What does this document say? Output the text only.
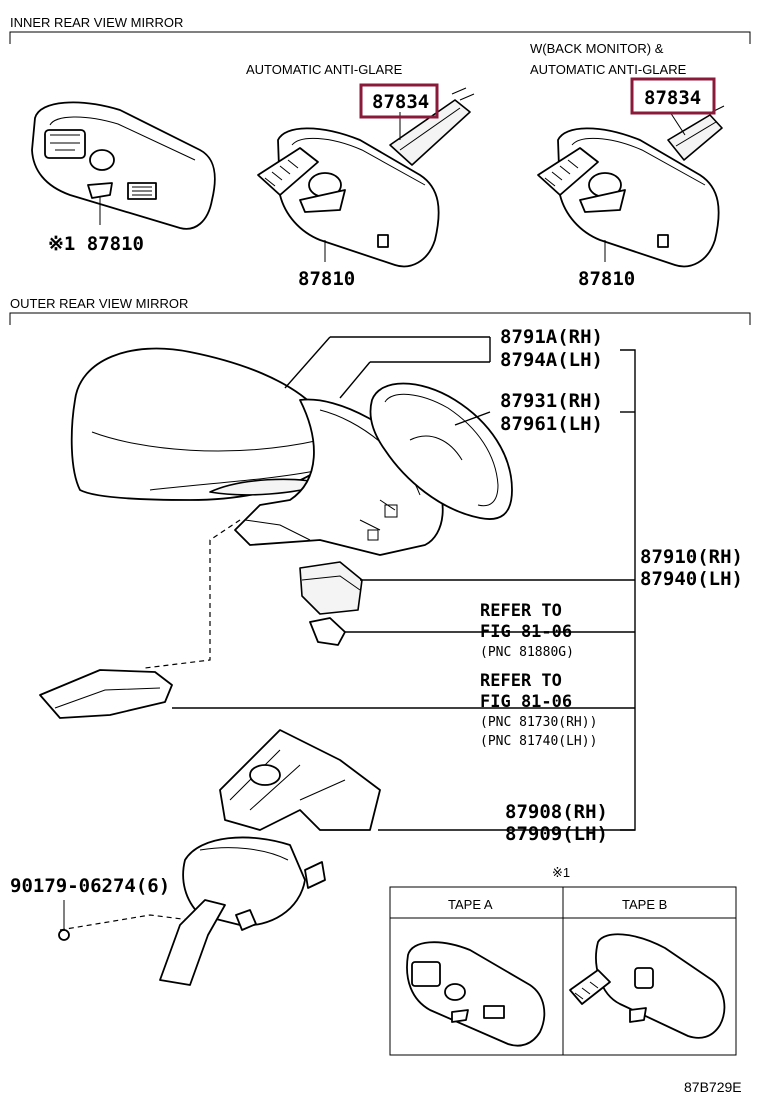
INNER REAR VIEW MIRROR
※1 87810
AUTOMATIC ANTI-GLARE
87834
87810
W(BACK MONITOR) &
AUTOMATIC ANTI-GLARE
87834
87810
OUTER REAR VIEW MIRROR
8791A(RH)
8794A(LH)
87931(RH)
87961(LH)
87910(RH)
87940(LH)
REFER TO
FIG 81-06
(PNC 81880G)
REFER TO
FIG 81-06
(PNC 81730(RH))
(PNC 81740(LH))
87908(RH)
87909(LH)
90179-06274(6)
※1
TAPE A	TAPE B
87B729E
